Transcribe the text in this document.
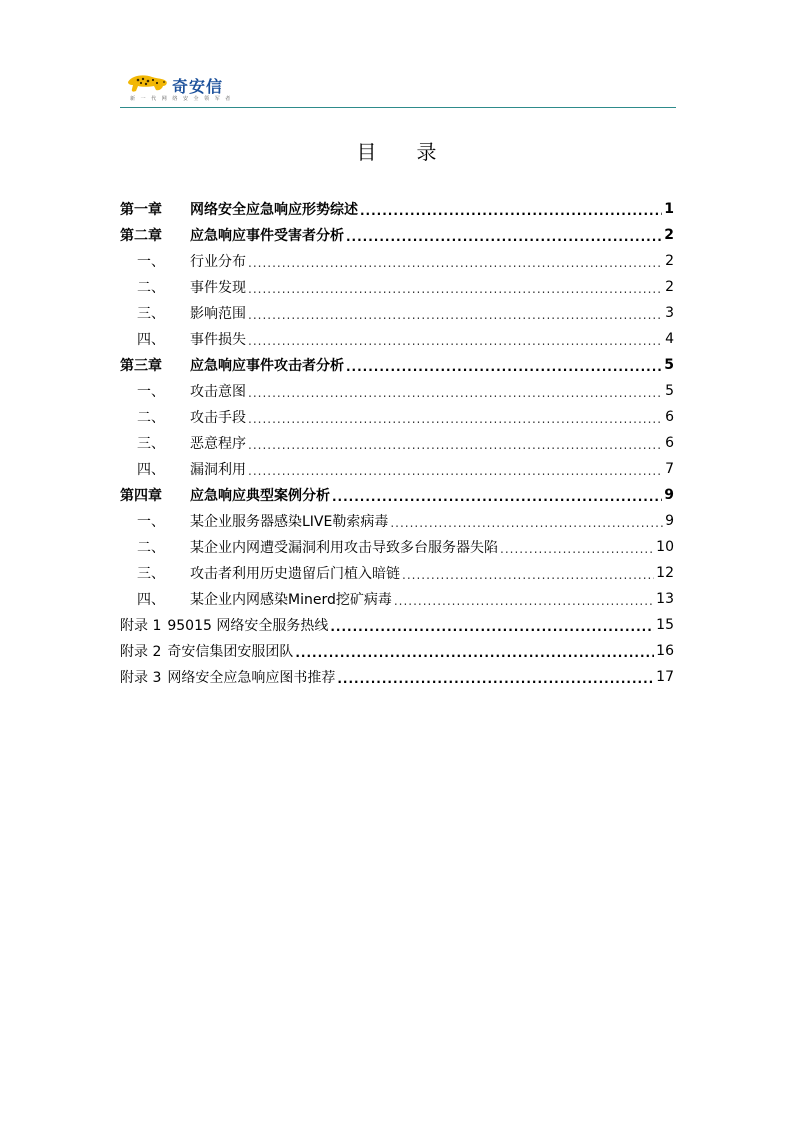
奇安信
新 一 代 网 络 安 全 领 军 者
目 录
第一章	网络安全应急响应形势综述 .....	1
第二章	应急响应事件受害者分析 .....	2
一、	行业分布 .....	2
二、	事件发现 .....	2
三、	影响范围 .....	3
四、	事件损失 .....	4
第三章	应急响应事件攻击者分析 .....	5
一、	攻击意图 .....	5
二、	攻击手段 .....	6
三、	恶意程序 .....	6
四、	漏洞利用 .....	7
第四章	应急响应典型案例分析 .....	9
一、	某企业服务器感染LIVE勒索病毒 .....	9
二、	某企业内网遭受漏洞利用攻击导致多台服务器失陷 .....	10
三、	攻击者利用历史遗留后门植入暗链 .....	12
四、	某企业内网感染Minerd挖矿病毒 .....	13
附录 1 95015 网络安全服务热线 .....	15
附录 2 奇安信集团安服团队 .....	16
附录 3 网络安全应急响应图书推荐 .....	17
